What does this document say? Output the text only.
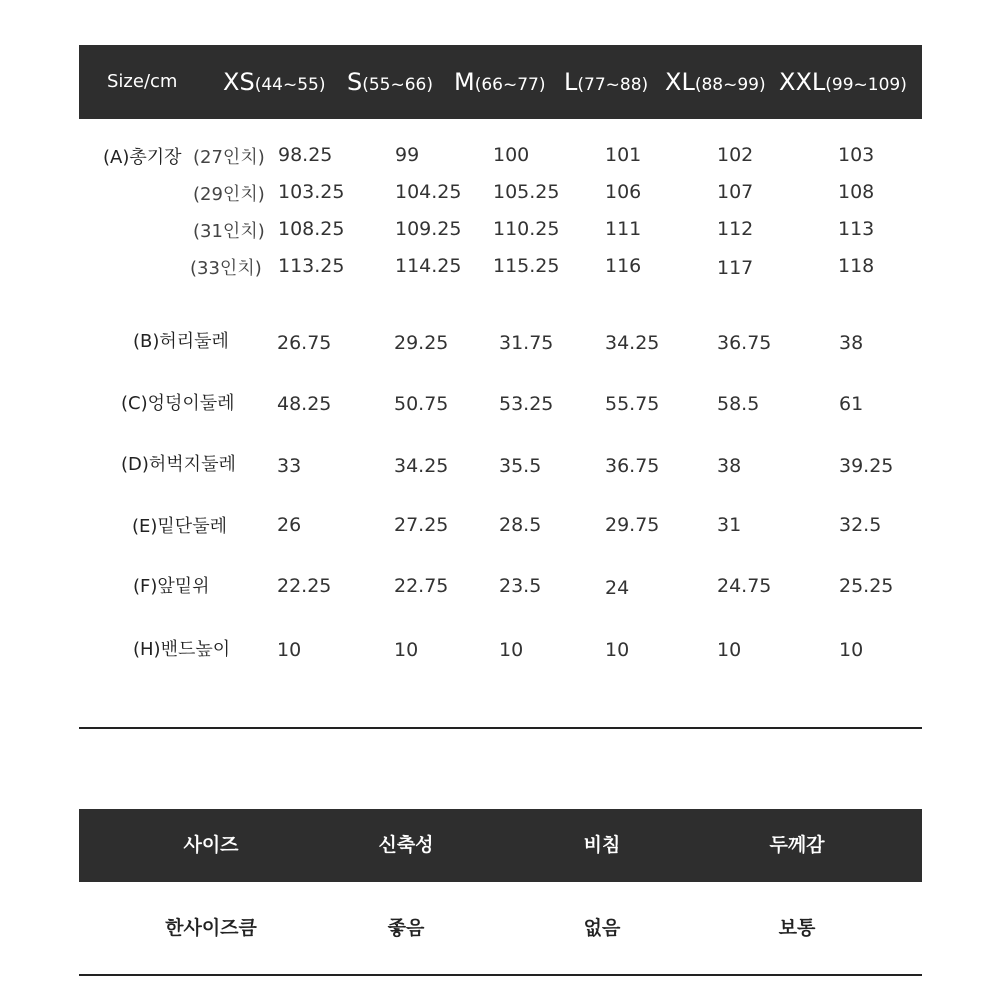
Size/cm XS(44~55) S(55~66) M(66~77) L(77~88) XL(88~99) XXL(99~109)
(A)총기장 (27인치) 98.25	99	100	101	102	103
(29인치) 103.25	104.25 105.25 106	107	108
(31인치) 108.25	109.25 110.25 111	112	113
(33인치) 113.25	114.25 115.25 116	117	118
(B)허리둘레	26.75	29.25	31.75	34.25	36.75	38
(C)엉덩이둘레 48.25	50.75	53.25	55.75	58.5	61
(D)허벅지둘레 33	34.25	35.5	36.75	38	39.25
(E)밑단둘레	26	27.25	28.5	29.75	31	32.5
(F)앞밑위	22.25	22.75	23.5	24	24.75	25.25
(H)밴드높이 10	10	10	10	10	10
사이즈	신축성	비침	두께감
한사이즈큼	좋음	없음	보통
